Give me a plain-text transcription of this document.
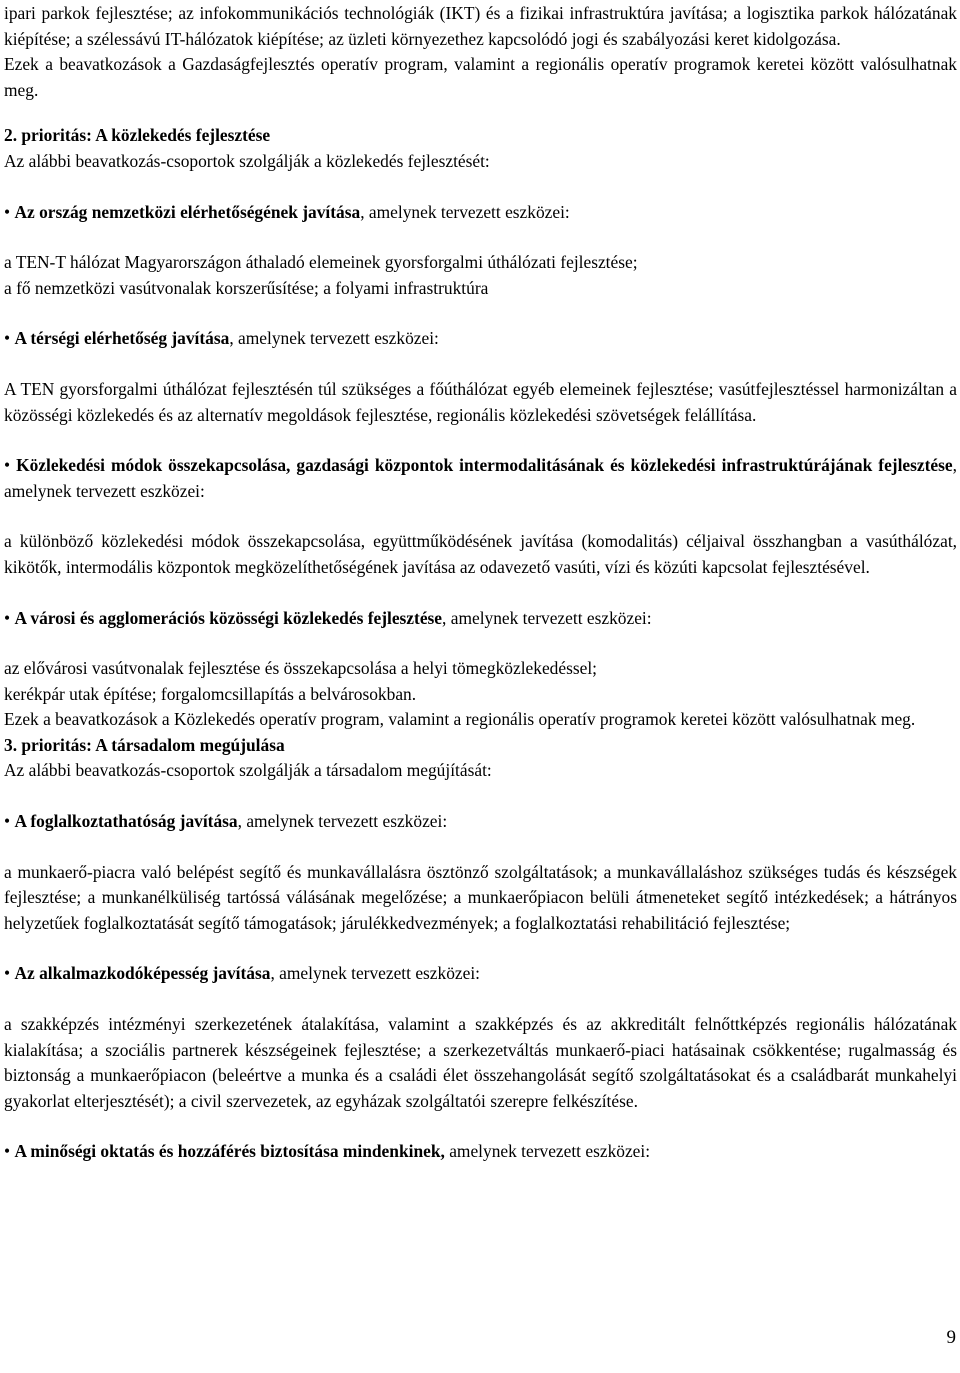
ipari parkok fejlesztése; az infokommunikációs technológiák (IKT) és a fizikai infrastruktúra javítása; a logisztika parkok hálózatának kiépítése; a szélessávú IT-hálózatok kiépítése; az üzleti környezethez kapcsolódó jogi és szabályozási keret kidolgozása.

Ezek a beavatkozások a Gazdaságfejlesztés operatív program, valamint a regionális operatív programok keretei között valósulhatnak meg.

2. prioritás: A közlekedés fejlesztése

Az alábbi beavatkozás-csoportok szolgálják a közlekedés fejlesztését:

• Az ország nemzetközi elérhetőségének javítása, amelynek tervezett eszközei:

a TEN-T hálózat Magyarországon áthaladó elemeinek gyorsforgalmi úthálózati fejlesztése;

a fő nemzetközi vasútvonalak korszerűsítése; a folyami infrastruktúra

• A térségi elérhetőség javítása, amelynek tervezett eszközei:

A TEN gyorsforgalmi úthálózat fejlesztésén túl szükséges a főúthálózat egyéb elemeinek fejlesztése; vasútfejlesztéssel harmonizáltan a közösségi közlekedés és az alternatív megoldások fejlesztése, regionális közlekedési szövetségek felállítása.

• Közlekedési módok összekapcsolása, gazdasági központok intermodalitásának és közlekedési infrastruktúrájának fejlesztése, amelynek tervezett eszközei:

a különböző közlekedési módok összekapcsolása, együttműködésének javítása (komodalitás) céljaival összhangban a vasúthálózat, kikötők, intermodális központok megközelíthetőségének javítása az odavezető vasúti, vízi és közúti kapcsolat fejlesztésével.

• A városi és agglomerációs közösségi közlekedés fejlesztése, amelynek tervezett eszközei:

az elővárosi vasútvonalak fejlesztése és összekapcsolása a helyi tömegközlekedéssel;

kerékpár utak építése; forgalomcsillapítás a belvárosokban.

Ezek a beavatkozások a Közlekedés operatív program, valamint a regionális operatív programok keretei között valósulhatnak meg.

3. prioritás: A társadalom megújulása

Az alábbi beavatkozás-csoportok szolgálják a társadalom megújítását:

• A foglalkoztathatóság javítása, amelynek tervezett eszközei:

a munkaerő-piacra való belépést segítő és munkavállalásra ösztönző szolgáltatások; a munkavállaláshoz szükséges tudás és készségek fejlesztése; a munkanélküliség tartóssá válásának megelőzése; a munkaerőpiacon belüli átmeneteket segítő intézkedések; a hátrányos helyzetűek foglalkoztatását segítő támogatások; járulékkedvezmények; a foglalkoztatási rehabilitáció fejlesztése;

• Az alkalmazkodóképesség javítása, amelynek tervezett eszközei:

a szakképzés intézményi szerkezetének átalakítása, valamint a szakképzés és az akkreditált felnőttképzés regionális hálózatának kialakítása; a szociális partnerek készségeinek fejlesztése; a szerkezetváltás munkaerő-piaci hatásainak csökkentése; rugalmasság és biztonság a munkaerőpiacon (beleértve a munka és a családi élet összehangolását segítő szolgáltatásokat és a családbarát munkahelyi gyakorlat elterjesztését); a civil szervezetek, az egyházak szolgáltatói szerepre felkészítése.

• A minőségi oktatás és hozzáférés biztosítása mindenkinek, amelynek tervezett eszközei:

9
